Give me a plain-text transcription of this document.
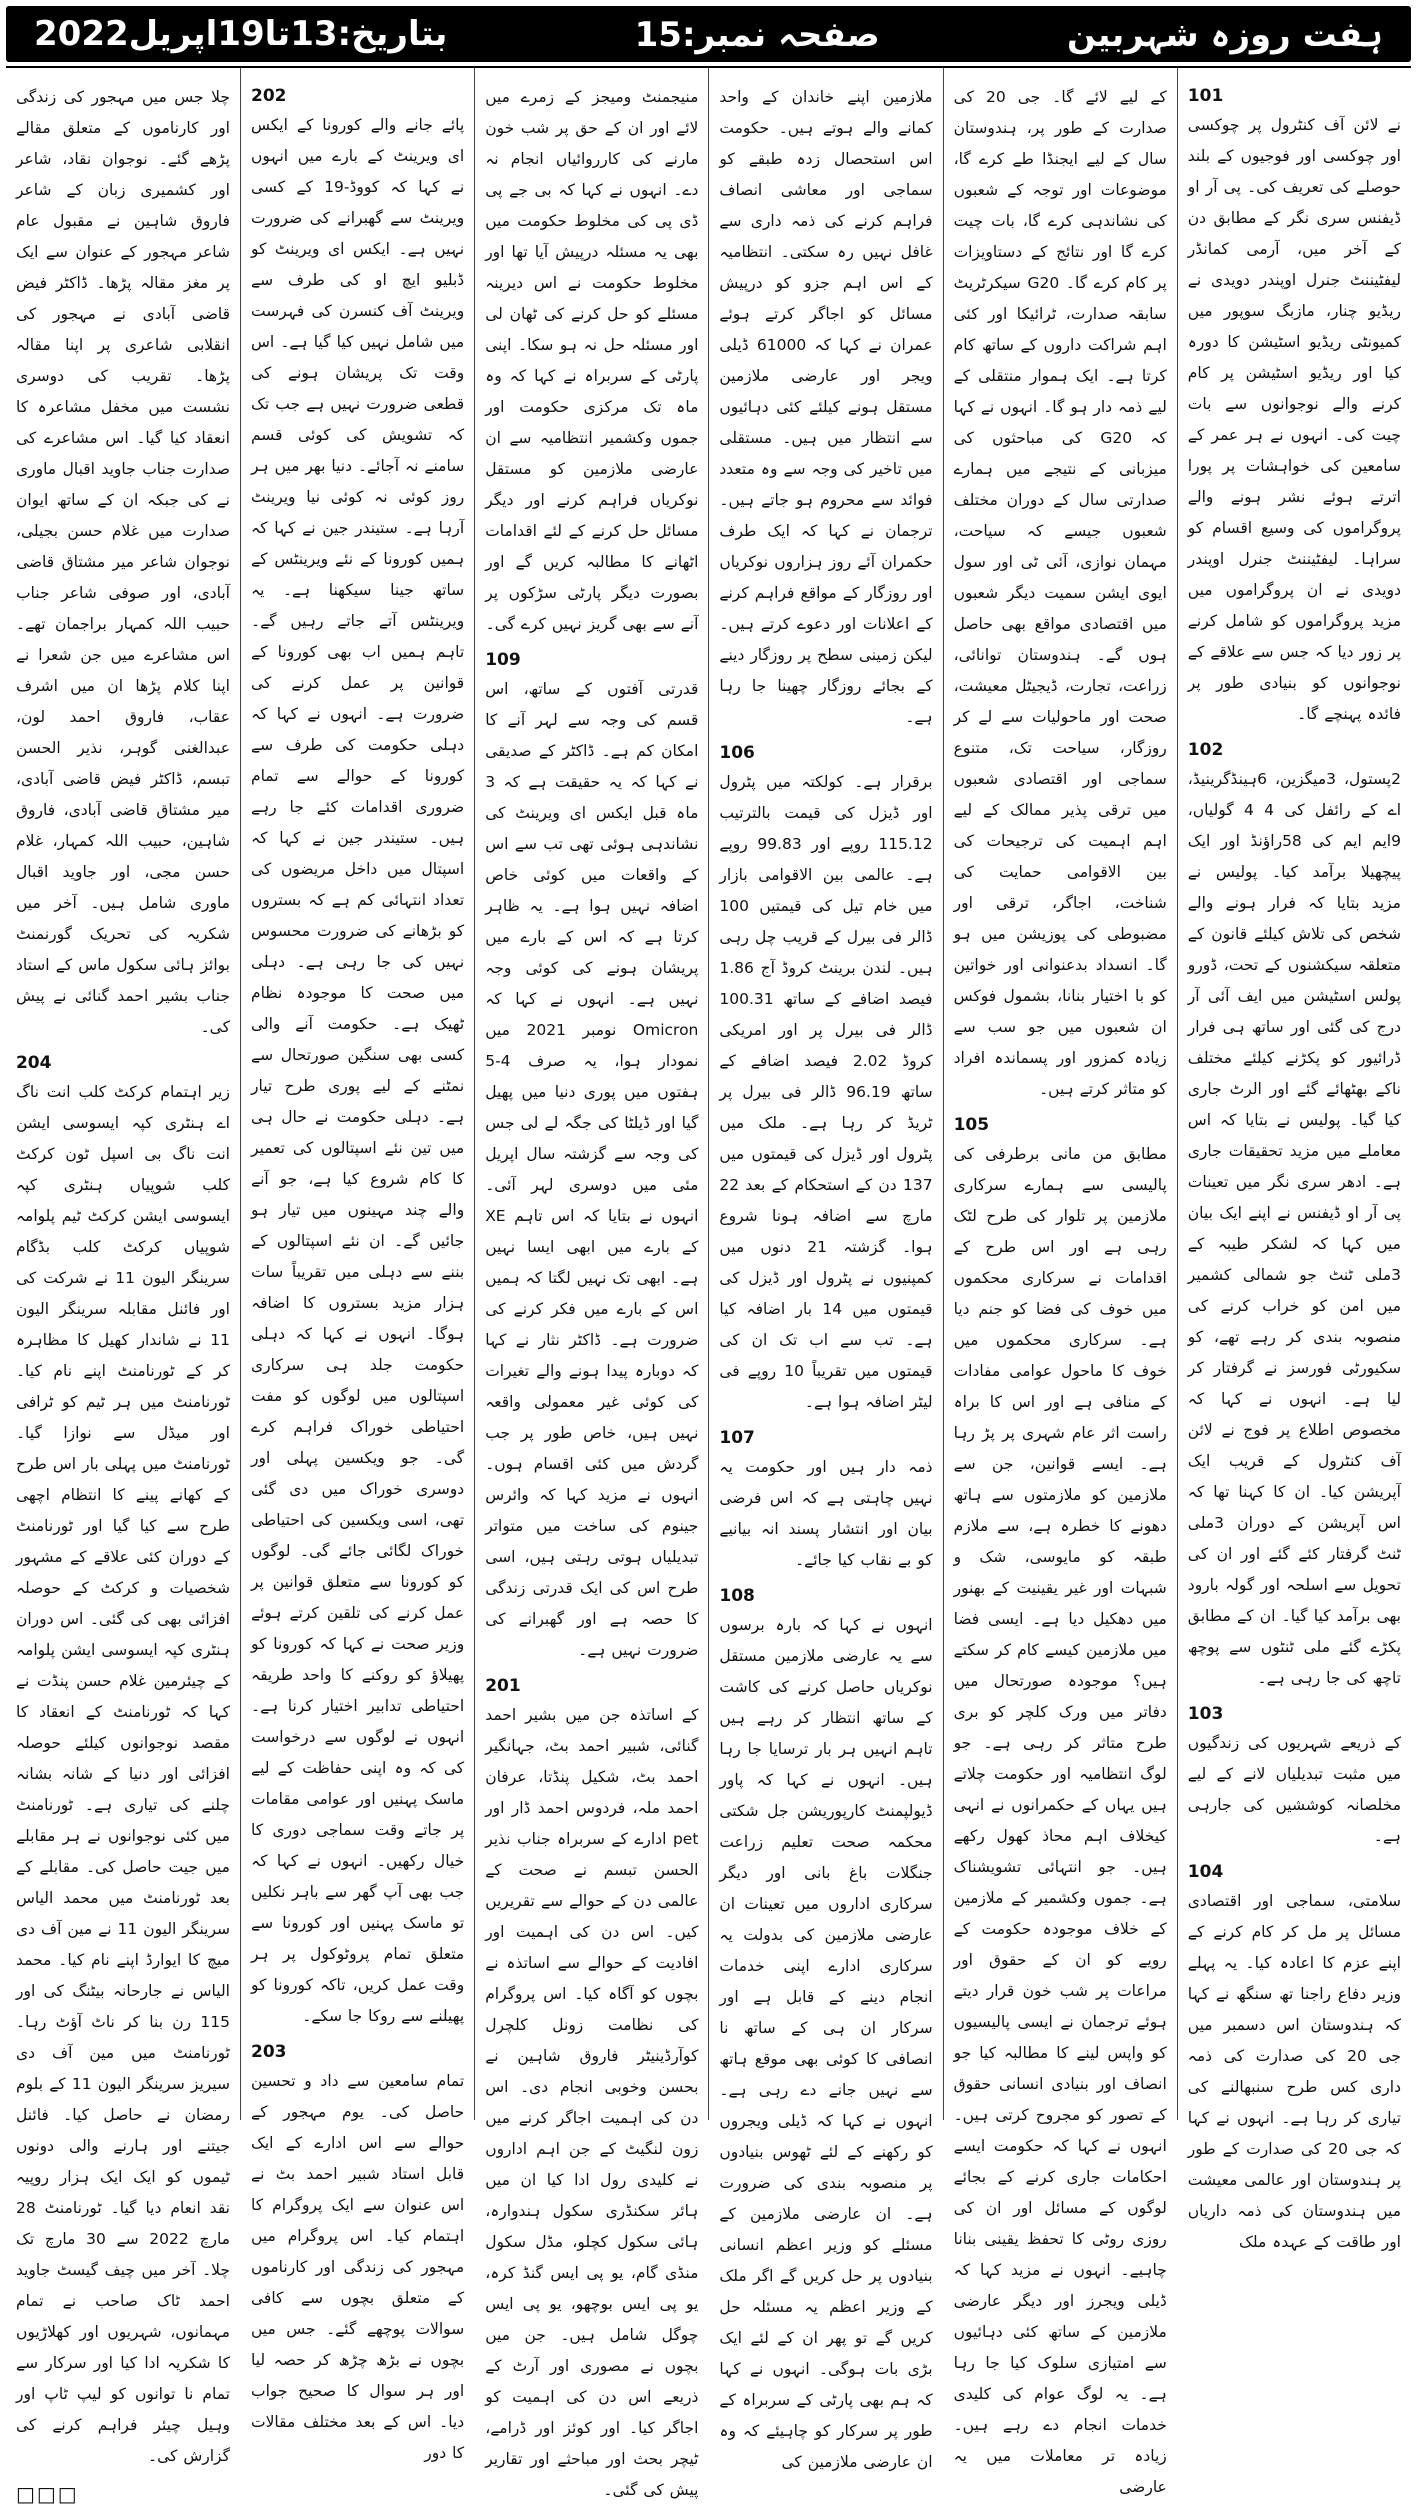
بتاریخ:13تا19اپریل2022	صفحہ نمبر:15	ہفت روزہ شہربین
101
نے لائن آف کنٹرول پر چوکسی اور چوکسی اور فوجیوں کے بلند حوصلے کی تعریف کی۔ پی آر او ڈیفنس سری نگر کے مطابق دن کے آخر میں، آرمی کمانڈر لیفٹیننٹ جنرل اوپندر دویدی نے ریڈیو چنار، مازبگ سوپور میں کمیونٹی ریڈیو اسٹیشن کا دورہ کیا اور ریڈیو اسٹیشن پر کام کرنے والے نوجوانوں سے بات چیت کی۔ انہوں نے ہر عمر کے سامعین کی خواہشات پر پورا اترتے ہوئے نشر ہونے والے پروگراموں کی وسیع اقسام کو سراہا۔ لیفٹیننٹ جنرل اوپندر دویدی نے ان پروگراموں میں مزید پروگراموں کو شامل کرنے پر زور دیا کہ جس سے علاقے کے نوجوانوں کو بنیادی طور پر فائدہ پہنچے گا۔
102
2پستول، 3میگزین، 6ہینڈگرینیڈ، اے کے رائفل کی 4 4 گولیاں، 9ایم ایم کی 58راؤنڈ اور ایک پیچھیلا برآمد کیا۔ پولیس نے مزید بتایا کہ فرار ہونے والے شخص کی تلاش کیلئے قانون کے متعلقہ سیکشنوں کے تحت، ڈورو پولس اسٹیشن میں ایف آئی آر درج کی گئی اور ساتھ ہی فرار ڈرائیور کو پکڑنے کیلئے مختلف ناکے بھٹھائے گئے اور الرٹ جاری کیا گیا۔ پولیس نے بتایا کہ اس معاملے میں مزید تحقیقات جاری ہے۔ ادھر سری نگر میں تعینات پی آر او ڈیفنس نے اپنے ایک بیان میں کہا کہ لشکر طیبہ کے 3ملی ٹنٹ جو شمالی کشمیر میں امن کو خراب کرنے کی منصوبہ بندی کر رہے تھے، کو سکیورٹی فورسز نے گرفتار کر لیا ہے۔ انہوں نے کہا کہ مخصوص اطلاع پر فوج نے لائن آف کنٹرول کے قریب ایک آپریشن کیا۔ ان کا کہنا تھا کہ اس آپریشن کے دوران 3ملی ٹنٹ گرفتار کئے گئے اور ان کی تحویل سے اسلحہ اور گولہ بارود بھی برآمد کیا گیا۔ ان کے مطابق پکڑے گئے ملی ٹنٹوں سے پوچھ تاچھ کی جا رہی ہے۔
103
کے ذریعے شہریوں کی زندگیوں میں مثبت تبدیلیاں لانے کے لیے مخلصانہ کوششیں کی جارہی ہے۔
104
سلامتی، سماجی اور اقتصادی مسائل پر مل کر کام کرنے کے اپنے عزم کا اعادہ کیا۔ یہ پہلے وزیر دفاع راجنا تھ سنگھ نے کہا کہ ہندوستان اس دسمبر میں جی 20 کی صدارت کی ذمہ داری کس طرح سنبھالنے کی تیاری کر رہا ہے۔ انہوں نے کہا کہ جی 20 کی صدارت کے طور پر ہندوستان اور عالمی معیشت میں ہندوستان کی ذمہ داریاں اور طاقت کے عہدہ ملک
کے لیے لائے گا۔ جی 20 کی صدارت کے طور پر، ہندوستان سال کے لیے ایجنڈا طے کرے گا، موضوعات اور توجہ کے شعبوں کی نشاندہی کرے گا، بات چیت کرے گا اور نتائج کے دستاویزات پر کام کرے گا۔ G20 سیکرٹریٹ سابقہ صدارت، ٹرائیکا اور کئی اہم شراکت داروں کے ساتھ کام کرتا ہے۔ ایک ہموار منتقلی کے لیے ذمہ دار ہو گا۔ انہوں نے کہا کہ G20 کی مباحثوں کی میزبانی کے نتیجے میں ہمارے صدارتی سال کے دوران مختلف شعبوں جیسے کہ سیاحت، مہمان نوازی، آئی ٹی اور سول ایوی ایشن سمیت دیگر شعبوں میں اقتصادی مواقع بھی حاصل ہوں گے۔ ہندوستان توانائی، زراعت، تجارت، ڈیجیٹل معیشت، صحت اور ماحولیات سے لے کر روزگار، سیاحت تک، متنوع سماجی اور اقتصادی شعبوں میں ترقی پذیر ممالک کے لیے اہم اہمیت کی ترجیحات کی بین الاقوامی حمایت کی شناخت، اجاگر، ترقی اور مضبوطی کی پوزیشن میں ہو گا۔ انسداد بدعنوانی اور خواتین کو با اختیار بنانا، بشمول فوکس ان شعبوں میں جو سب سے زیادہ کمزور اور پسماندہ افراد کو متاثر کرتے ہیں۔
105
مطابق من مانی برطرفی کی پالیسی سے ہمارے سرکاری ملازمین پر تلوار کی طرح لٹک رہی ہے اور اس طرح کے اقدامات نے سرکاری محکموں میں خوف کی فضا کو جنم دیا ہے۔ سرکاری محکموں میں خوف کا ماحول عوامی مفادات کے منافی ہے اور اس کا براہ راست اثر عام شہری پر پڑ رہا ہے۔ ایسے قوانین، جن سے ملازمین کو ملازمتوں سے ہاتھ دھونے کا خطرہ ہے، سے ملازم طبقہ کو مایوسی، شک و شبہات اور غیر یقینیت کے بھنور میں دھکیل دیا ہے۔ ایسی فضا میں ملازمین کیسے کام کر سکتے ہیں؟ موجودہ صورتحال میں دفاتر میں ورک کلچر کو بری طرح متاثر کر رہی ہے۔ جو لوگ انتظامیہ اور حکومت چلاتے ہیں یہاں کے حکمرانوں نے انہی کیخلاف اہم محاذ کھول رکھے ہیں۔ جو انتہائی تشویشناک ہے۔ جموں وکشمیر کے ملازمین کے خلاف موجودہ حکومت کے رویے کو ان کے حقوق اور مراعات پر شب خون قرار دیتے ہوئے ترجمان نے ایسی پالیسیوں کو واپس لینے کا مطالبہ کیا جو انصاف اور بنیادی انسانی حقوق کے تصور کو مجروح کرتی ہیں۔ انہوں نے کہا کہ حکومت ایسے احکامات جاری کرنے کے بجائے لوگوں کے مسائل اور ان کی روزی روٹی کا تحفظ یقینی بنانا چاہیے۔ انہوں نے مزید کہا کہ ڈیلی ویجرز اور دیگر عارضی ملازمین کے ساتھ کئی دہائیوں سے امتیازی سلوک کیا جا رہا ہے۔ یہ لوگ عوام کی کلیدی خدمات انجام دے رہے ہیں۔ زیادہ تر معاملات میں یہ عارضی
ملازمین اپنے خاندان کے واحد کمانے والے ہوتے ہیں۔ حکومت اس استحصال زدہ طبقے کو سماجی اور معاشی انصاف فراہم کرنے کی ذمہ داری سے غافل نہیں رہ سکتی۔ انتظامیہ کے اس اہم جزو کو درپیش مسائل کو اجاگر کرتے ہوئے عمران نے کہا کہ 61000 ڈیلی ویجر اور عارضی ملازمین مستقل ہونے کیلئے کئی دہائیوں سے انتظار میں ہیں۔ مستقلی میں تاخیر کی وجہ سے وہ متعدد فوائد سے محروم ہو جاتے ہیں۔ ترجمان نے کہا کہ ایک طرف حکمران آئے روز ہزاروں نوکریاں اور روزگار کے مواقع فراہم کرنے کے اعلانات اور دعوے کرتے ہیں۔ لیکن زمینی سطح پر روزگار دینے کے بجائے روزگار چھینا جا رہا ہے۔
106
برقرار ہے۔ کولکتہ میں پٹرول اور ڈیزل کی قیمت بالترتیب 115.12 روپے اور 99.83 روپے ہے۔ عالمی بین الاقوامی بازار میں خام تیل کی قیمتیں 100 ڈالر فی بیرل کے قریب چل رہی ہیں۔ لندن برینٹ کروڈ آج 1.86 فیصد اضافے کے ساتھ 100.31 ڈالر فی بیرل پر اور امریکی کروڈ 2.02 فیصد اضافے کے ساتھ 96.19 ڈالر فی بیرل پر ٹریڈ کر رہا ہے۔ ملک میں پٹرول اور ڈیزل کی قیمتوں میں 137 دن کے استحکام کے بعد 22 مارچ سے اضافہ ہونا شروع ہوا۔ گزشتہ 21 دنوں میں کمپنیوں نے پٹرول اور ڈیزل کی قیمتوں میں 14 بار اضافہ کیا ہے۔ تب سے اب تک ان کی قیمتوں میں تقریباً 10 روپے فی لیٹر اضافہ ہوا ہے۔
107
ذمہ دار ہیں اور حکومت یہ نہیں چاہتی ہے کہ اس فرضی بیان اور انتشار پسند انہ بیانیے کو بے نقاب کیا جائے۔
108
انہوں نے کہا کہ بارہ برسوں سے یہ عارضی ملازمین مستقل نوکریاں حاصل کرنے کی کاشت کے ساتھ انتظار کر رہے ہیں تاہم انہیں ہر بار ترسایا جا رہا ہیں۔ انہوں نے کہا کہ پاور ڈیولپمنٹ کارپوریشن جل شکتی محکمہ صحت تعلیم زراعت جنگلات باغ بانی اور دیگر سرکاری اداروں میں تعینات ان عارضی ملازمین کی بدولت یہ سرکاری ادارے اپنی خدمات انجام دینے کے قابل ہے اور سرکار ان ہی کے ساتھ نا انصافی کا کوئی بھی موقع ہاتھ سے نہیں جانے دے رہی ہے۔ انہوں نے کہا کہ ڈیلی ویجروں کو رکھنے کے لئے ٹھوس بنیادوں پر منصوبہ بندی کی ضرورت ہے۔ ان عارضی ملازمین کے مسئلے کو وزیر اعظم انسانی بنیادوں پر حل کریں گے اگر ملک کے وزیر اعظم یہ مسئلہ حل کریں گے تو پھر ان کے لئے ایک بڑی بات ہوگی۔ انہوں نے کہا کہ ہم بھی پارٹی کے سربراہ کے طور پر سرکار کو چاہیئے کہ وہ ان عارضی ملازمین کی
منیجمنٹ ومیجز کے زمرے میں لائے اور ان کے حق پر شب خون مارنے کی کارروائیاں انجام نہ دے۔ انہوں نے کہا کہ بی جے پی ڈی پی کی مخلوط حکومت میں بھی یہ مسئلہ درپیش آیا تھا اور مخلوط حکومت نے اس دیرینہ مسئلے کو حل کرنے کی ٹھان لی اور مسئلہ حل نہ ہو سکا۔ اپنی پارٹی کے سربراہ نے کہا کہ وہ ماہ تک مرکزی حکومت اور جموں وکشمیر انتظامیہ سے ان عارضی ملازمین کو مستقل نوکریاں فراہم کرنے اور دیگر مسائل حل کرنے کے لئے اقدامات اٹھانے کا مطالبہ کریں گے اور بصورت دیگر پارٹی سڑکوں پر آنے سے بھی گریز نہیں کرے گی۔
109
قدرتی آفتوں کے ساتھ، اس قسم کی وجہ سے لہر آنے کا امکان کم ہے۔ ڈاکٹر کے صدیقی نے کہا کہ یہ حقیقت ہے کہ 3 ماہ قبل ایکس ای ویرینٹ کی نشاندہی ہوئی تھی تب سے اس کے واقعات میں کوئی خاص اضافہ نہیں ہوا ہے۔ یہ ظاہر کرتا ہے کہ اس کے بارے میں پریشان ہونے کی کوئی وجہ نہیں ہے۔ انہوں نے کہا کہ Omicron نومبر 2021 میں نمودار ہوا، یہ صرف 4-5 ہفتوں میں پوری دنیا میں پھیل گیا اور ڈیلٹا کی جگہ لے لی جس کی وجہ سے گزشتہ سال اپریل مئی میں دوسری لہر آئی۔ انہوں نے بتایا کہ اس تاہم XE کے بارے میں ابھی ایسا نہیں ہے۔ ابھی تک نہیں لگتا کہ ہمیں اس کے بارے میں فکر کرنے کی ضرورت ہے۔ ڈاکٹر نثار نے کہا کہ دوبارہ پیدا ہونے والے تغیرات کی کوئی غیر معمولی واقعہ نہیں ہیں، خاص طور پر جب گردش میں کئی اقسام ہوں۔ انہوں نے مزید کہا کہ وائرس جینوم کی ساخت میں متواتر تبدیلیاں ہوتی رہتی ہیں، اسی طرح اس کی ایک قدرتی زندگی کا حصہ ہے اور گھبرانے کی ضرورت نہیں ہے۔
201
کے اساتذہ جن میں بشیر احمد گنائی، شبیر احمد بٹ، جہانگیر احمد بٹ، شکیل پنڈتا، عرفان احمد ملہ، فردوس احمد ڈار اور pet ادارے کے سربراہ جناب نذیر الحسن تبسم نے صحت کے عالمی دن کے حوالے سے تقریریں کیں۔ اس دن کی اہمیت اور افادیت کے حوالے سے اساتذہ نے بچوں کو آگاہ کیا۔ اس پروگرام کی نظامت زونل کلچرل کوآرڈینیٹر فاروق شاہین نے بحسن وخوبی انجام دی۔ اس دن کی اہمیت اجاگر کرنے میں زون لنگیٹ کے جن اہم اداروں نے کلیدی رول ادا کیا ان میں ہائر سکنڈری سکول ہندوارہ، ہائی سکول کچلو، مڈل سکول منڈی گام، یو پی ایس گنڈ کرہ، یو پی ایس بوچھو، یو پی ایس چوگل شامل ہیں۔ جن میں بچوں نے مصوری اور آرٹ کے ذریعے اس دن کی اہمیت کو اجاگر کیا۔ اور کوئز اور ڈرامے، ٹیچر بحث اور مباحثے اور تقاریر پیش کی گئی۔
202
پائے جانے والے کورونا کے ایکس ای ویرینٹ کے بارے میں انہوں نے کہا کہ کووڈ-19 کے کسی ویرینٹ سے گھبرانے کی ضرورت نہیں ہے۔ ایکس ای ویرینٹ کو ڈبلیو ایچ او کی طرف سے ویرینٹ آف کنسرن کی فہرست میں شامل نہیں کیا گیا ہے۔ اس وقت تک پریشان ہونے کی قطعی ضرورت نہیں ہے جب تک کہ تشویش کی کوئی قسم سامنے نہ آجائے۔ دنیا بھر میں ہر روز کوئی نہ کوئی نیا ویرینٹ آرہا ہے۔ ستیندر جین نے کہا کہ ہمیں کورونا کے نئے ویرینٹس کے ساتھ جینا سیکھنا ہے۔ یہ ویرینٹس آتے جاتے رہیں گے۔ تاہم ہمیں اب بھی کورونا کے قوانین پر عمل کرنے کی ضرورت ہے۔ انہوں نے کہا کہ دہلی حکومت کی طرف سے کورونا کے حوالے سے تمام ضروری اقدامات کئے جا رہے ہیں۔ ستیندر جین نے کہا کہ اسپتال میں داخل مریضوں کی تعداد انتہائی کم ہے کہ بستروں کو بڑھانے کی ضرورت محسوس نہیں کی جا رہی ہے۔ دہلی میں صحت کا موجودہ نظام ٹھیک ہے۔ حکومت آنے والی کسی بھی سنگین صورتحال سے نمٹنے کے لیے پوری طرح تیار ہے۔ دہلی حکومت نے حال ہی میں تین نئے اسپتالوں کی تعمیر کا کام شروع کیا ہے، جو آنے والے چند مہینوں میں تیار ہو جائیں گے۔ ان نئے اسپتالوں کے بننے سے دہلی میں تقریباً سات ہزار مزید بستروں کا اضافہ ہوگا۔ انہوں نے کہا کہ دہلی حکومت جلد ہی سرکاری اسپتالوں میں لوگوں کو مفت احتیاطی خوراک فراہم کرے گی۔ جو ویکسین پہلی اور دوسری خوراک میں دی گئی تھی، اسی ویکسین کی احتیاطی خوراک لگائی جائے گی۔ لوگوں کو کورونا سے متعلق قوانین پر عمل کرنے کی تلقین کرتے ہوئے وزیر صحت نے کہا کہ کورونا کو پھیلاؤ کو روکنے کا واحد طریقہ احتیاطی تدابیر اختیار کرنا ہے۔ انہوں نے لوگوں سے درخواست کی کہ وہ اپنی حفاظت کے لیے ماسک پہنیں اور عوامی مقامات پر جاتے وقت سماجی دوری کا خیال رکھیں۔ انہوں نے کہا کہ جب بھی آپ گھر سے باہر نکلیں تو ماسک پہنیں اور کورونا سے متعلق تمام پروٹوکول پر ہر وقت عمل کریں، تاکہ کورونا کو پھیلنے سے روکا جا سکے۔
203
تمام سامعین سے داد و تحسین حاصل کی۔ یوم مہجور کے حوالے سے اس ادارے کے ایک قابل استاد شبیر احمد بٹ نے اس عنوان سے ایک پروگرام کا اہتمام کیا۔ اس پروگرام میں مہجور کی زندگی اور کارناموں کے متعلق بچوں سے کافی سوالات پوچھے گئے۔ جس میں بچوں نے بڑھ چڑھ کر حصہ لیا اور ہر سوال کا صحیح جواب دیا۔ اس کے بعد مختلف مقالات کا دور
چلا جس میں مہجور کی زندگی اور کارناموں کے متعلق مقالے پڑھے گئے۔ نوجوان نقاد، شاعر اور کشمیری زبان کے شاعر فاروق شاہین نے مقبول عام شاعر مہجور کے عنوان سے ایک پر مغز مقالہ پڑھا۔ ڈاکٹر فیض قاضی آبادی نے مہجور کی انقلابی شاعری پر اپنا مقالہ پڑھا۔ تقریب کی دوسری نشست میں مخفل مشاعرہ کا انعقاد کیا گیا۔ اس مشاعرے کی صدارت جناب جاوید اقبال ماوری نے کی جبکہ ان کے ساتھ ایوان صدارت میں غلام حسن بجیلی، نوجوان شاعر میر مشتاق قاضی آبادی، اور صوفی شاعر جناب حبیب اللہ کمہار براجمان تھے۔ اس مشاعرے میں جن شعرا نے اپنا کلام پڑھا ان میں اشرف عقاب، فاروق احمد لون، عبدالغنی گوہر، نذیر الحسن تبسم، ڈاکٹر فیض قاضی آبادی، میر مشتاق قاضی آبادی، فاروق شاہین، حبیب اللہ کمہار، غلام حسن مجی، اور جاوید اقبال ماوری شامل ہیں۔ آخر میں شکریہ کی تحریک گورنمنٹ بوائز ہائی سکول ماس کے استاد جناب بشیر احمد گنائی نے پیش کی۔
204
زیر اہتمام کرکٹ کلب انت ناگ اے ہنٹری کپہ ایسوسی ایشن انت ناگ بی اسپل ٹون کرکٹ کلب شوپیاں ہنٹری کپہ ایسوسی ایشن کرکٹ ٹیم پلوامہ شوپیاں کرکٹ کلب بڈگام سرینگر الیون 11 نے شرکت کی اور فائنل مقابلہ سرینگر الیون 11 نے شاندار کھیل کا مظاہرہ کر کے ٹورنامنٹ اپنے نام کیا۔ ٹورنامنٹ میں ہر ٹیم کو ٹرافی اور میڈل سے نوازا گیا۔ ٹورنامنٹ میں پہلی بار اس طرح کے کھانے پینے کا انتظام اچھی طرح سے کیا گیا اور ٹورنامنٹ کے دوران کئی علاقے کے مشہور شخصیات و کرکٹ کے حوصلہ افزائی بھی کی گئی۔ اس دوران ہنٹری کپہ ایسوسی ایشن پلوامہ کے چیئرمین غلام حسن پنڈت نے کہا کہ ٹورنامنٹ کے انعقاد کا مقصد نوجوانوں کیلئے حوصلہ افزائی اور دنیا کے شانہ بشانہ چلنے کی تیاری ہے۔ ٹورنامنٹ میں کئی نوجوانوں نے ہر مقابلے میں جیت حاصل کی۔ مقابلے کے بعد ٹورنامنٹ میں محمد الیاس سرینگر الیون 11 نے مین آف دی میچ کا ایوارڈ اپنے نام کیا۔ محمد الیاس نے جارحانہ بیٹنگ کی اور 115 رن بنا کر ناٹ آؤٹ رہا۔ ٹورنامنٹ میں مین آف دی سیریز سرینگر الیون 11 کے بلوم رمضان نے حاصل کیا۔ فائنل جیتنے اور ہارنے والی دونوں ٹیموں کو ایک ایک ہزار روپیہ نقد انعام دیا گیا۔ ٹورنامنٹ 28 مارچ 2022 سے 30 مارچ تک چلا۔ آخر میں چیف گیسٹ جاوید احمد ٹاک صاحب نے تمام مہمانوں، شہریوں اور کھلاڑیوں کا شکریہ ادا کیا اور سرکار سے تمام نا توانوں کو لیپ ٹاپ اور وہیل چیئر فراہم کرنے کی گزارش کی۔
□□□
